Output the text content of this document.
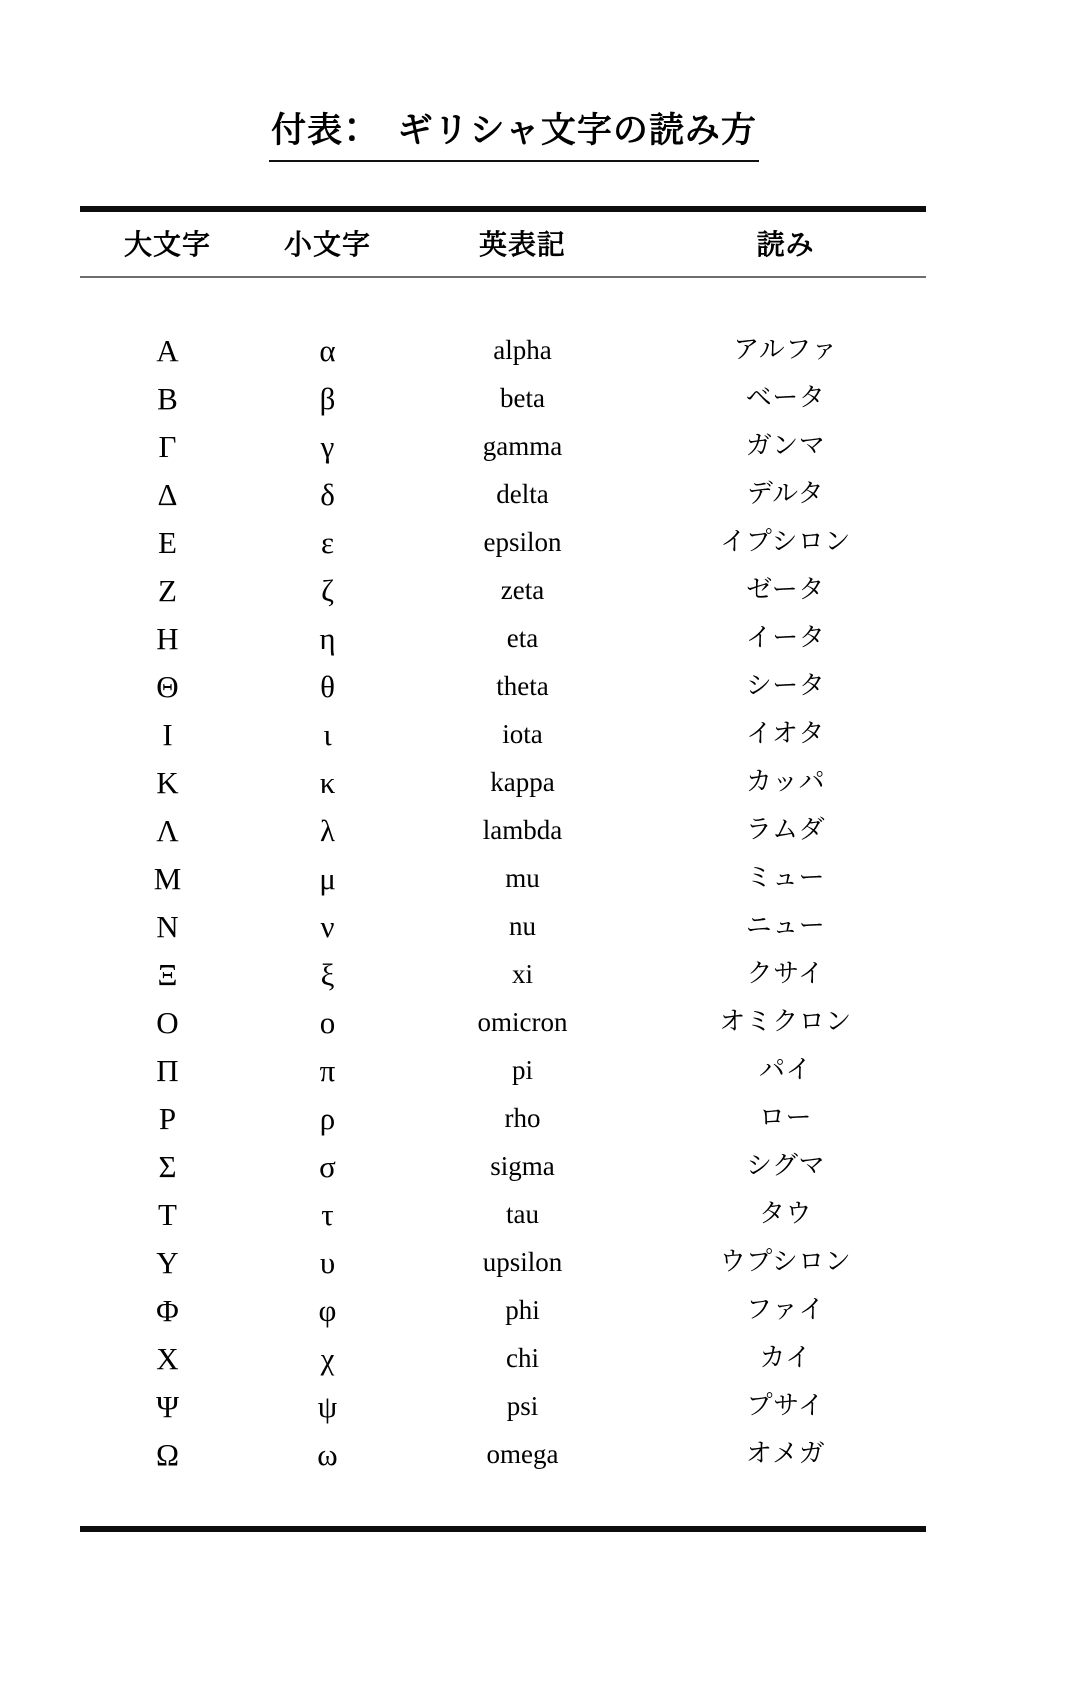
付表：　ギリシャ文字の読み方
大文字	小文字	英表記	読み

Α	α	alpha	アルファ
Β	β	beta	ベータ
Γ	γ	gamma	ガンマ
Δ	δ	delta	デルタ
Ε	ε	epsilon	イプシロン
Ζ	ζ	zeta	ゼータ
Η	η	eta	イータ
Θ	θ	theta	シータ
Ι	ι	iota	イオタ
Κ	κ	kappa	カッパ
Λ	λ	lambda	ラムダ
Μ	μ	mu	ミュー
Ν	ν	nu	ニュー
Ξ	ξ	xi	クサイ
Ο	ο	omicron	オミクロン
Π	π	pi	パイ
Ρ	ρ	rho	ロー
Σ	σ	sigma	シグマ
Τ	τ	tau	タウ
Υ	υ	upsilon	ウプシロン
Φ	φ	phi	ファイ
Χ	χ	chi	カイ
Ψ	ψ	psi	プサイ
Ω	ω	omega	オメガ
